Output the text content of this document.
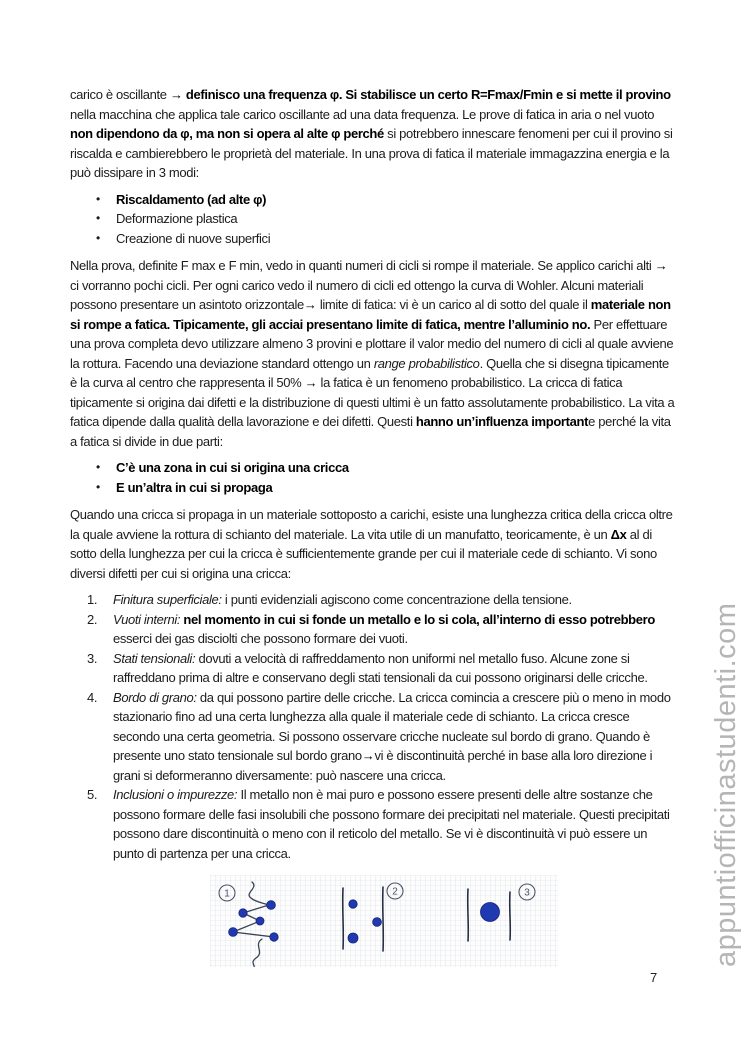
carico è oscillante → definisco una frequenza φ. Si stabilisce un certo R=Fmax/Fmin e si mette il provino nella macchina che applica tale carico oscillante ad una data frequenza. Le prove di fatica in aria o nel vuoto non dipendono da φ, ma non si opera al alte φ perché si potrebbero innescare fenomeni per cui il provino si riscalda e cambierebbero le proprietà del materiale. In una prova di fatica il materiale immagazzina energia e la può dissipare in 3 modi:

•	Riscaldamento (ad alte φ)
•	Deformazione plastica
•	Creazione di nuove superfici

Nella prova, definite F max e F min, vedo in quanti numeri di cicli si rompe il materiale. Se applico carichi alti → ci vorranno pochi cicli. Per ogni carico vedo il numero di cicli ed ottengo la curva di Wohler. Alcuni materiali possono presentare un asintoto orizzontale→ limite di fatica: vi è un carico al di sotto del quale il materiale non si rompe a fatica. Tipicamente, gli acciai presentano limite di fatica, mentre l’alluminio no. Per effettuare una prova completa devo utilizzare almeno 3 provini e plottare il valor medio del numero di cicli al quale avviene la rottura. Facendo una deviazione standard ottengo un range probabilistico. Quella che si disegna tipicamente è la curva al centro che rappresenta il 50% → la fatica è un fenomeno probabilistico. La cricca di fatica tipicamente si origina dai difetti e la distribuzione di questi ultimi è un fatto assolutamente probabilistico. La vita a fatica dipende dalla qualità della lavorazione e dei difetti. Questi hanno un’influenza importante perché la vita a fatica si divide in due parti:

•	C’è una zona in cui si origina una cricca
•	E un’altra in cui si propaga

Quando una cricca si propaga in un materiale sottoposto a carichi, esiste una lunghezza critica della cricca oltre la quale avviene la rottura di schianto del materiale. La vita utile di un manufatto, teoricamente, è un Δx al di sotto della lunghezza per cui la cricca è sufficientemente grande per cui il materiale cede di schianto. Vi sono diversi difetti per cui si origina una cricca:

1.	Finitura superficiale: i punti evidenziali agiscono come concentrazione della tensione.
2.	Vuoti interni: nel momento in cui si fonde un metallo e lo si cola, all’interno di esso potrebbero esserci dei gas disciolti che possono formare dei vuoti.
3.	Stati tensionali: dovuti a velocità di raffreddamento non uniformi nel metallo fuso. Alcune zone si raffreddano prima di altre e conservano degli stati tensionali da cui possono originarsi delle cricche.
4.	Bordo di grano: da qui possono partire delle cricche. La cricca comincia a crescere più o meno in modo stazionario fino ad una certa lunghezza alla quale il materiale cede di schianto. La cricca cresce secondo una certa geometria. Si possono osservare cricche nucleate sul bordo di grano. Quando è presente uno stato tensionale sul bordo grano→vi è discontinuità perché in base alla loro direzione i grani si deformeranno diversamente: può nascere una cricca.
5.	Inclusioni o impurezze: Il metallo non è mai puro e possono essere presenti delle altre sostanze che possono formare delle fasi insolubili che possono formare dei precipitati nel materiale. Questi precipitati possono dare discontinuità o meno con il reticolo del metallo. Se vi è discontinuità vi può essere un punto di partenza per una cricca.
1	2	3	appuntiofficinastudenti.com
7
